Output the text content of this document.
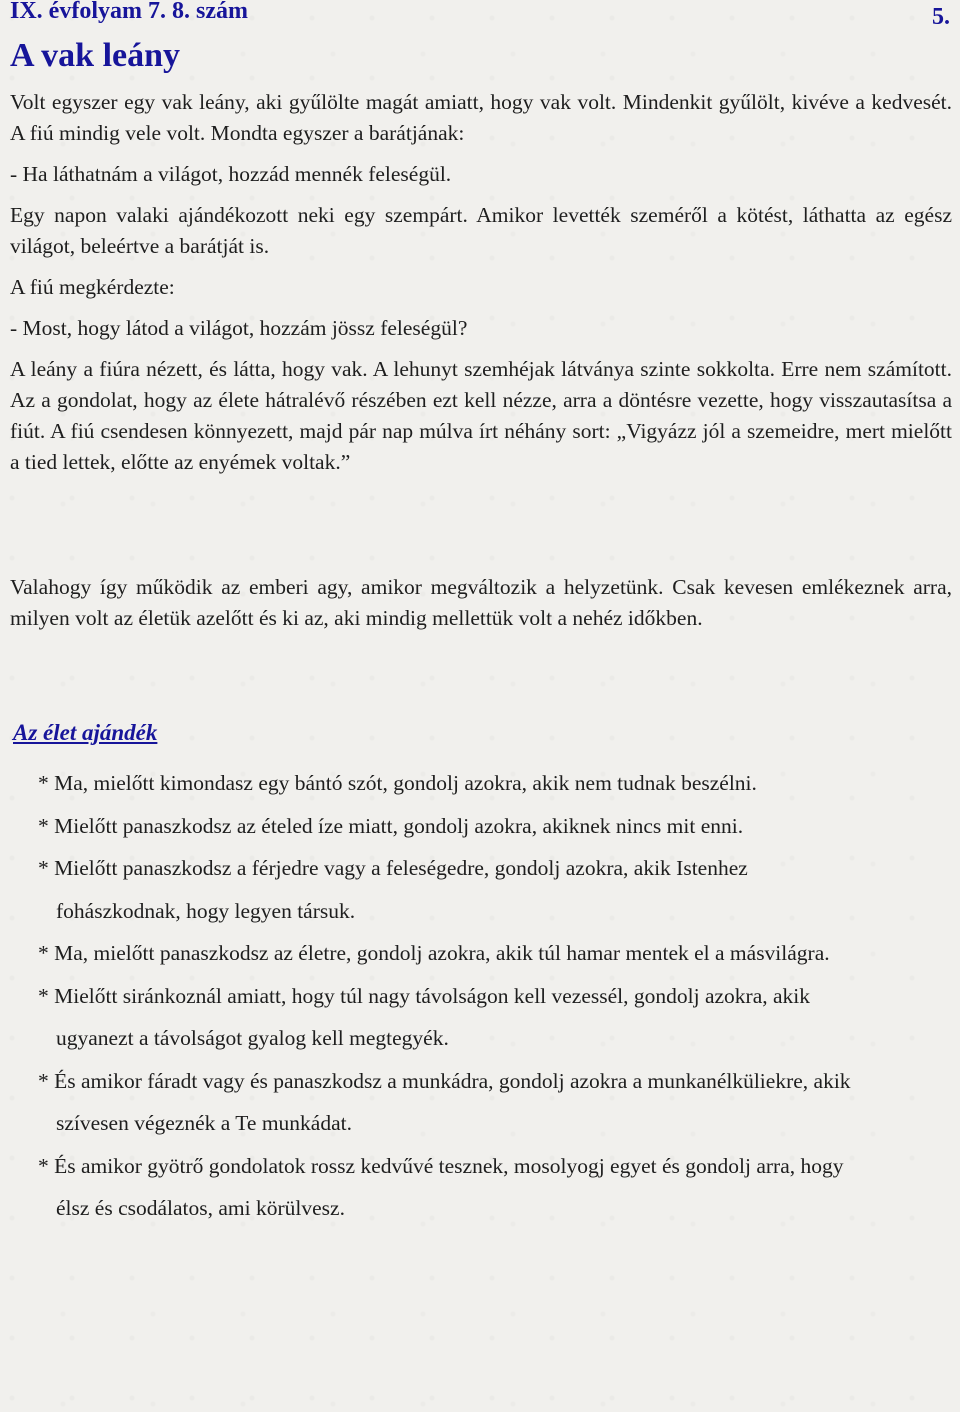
IX. évfolyam 7. 8. szám	5.
A vak leány

Volt egyszer egy vak leány, aki gyűlölte magát amiatt, hogy vak volt. Mindenkit gyűlölt, kivéve a kedvesét. A fiú mindig vele volt. Mondta egyszer a barátjának:

- Ha láthatnám a világot, hozzád mennék feleségül.

Egy napon valaki ajándékozott neki egy szempárt. Amikor levették szeméről a kötést, láthatta az egész világot, beleértve a barátját is.

A fiú megkérdezte:

- Most, hogy látod a világot, hozzám jössz feleségül?

A leány a fiúra nézett, és látta, hogy vak. A lehunyt szemhéjak látványa szinte sokkolta. Erre nem számított. Az a gondolat, hogy az élete hátralévő részében ezt kell nézze, arra a döntésre vezette, hogy visszautasítsa a fiút. A fiú csendesen könnyezett, majd pár nap múlva írt néhány sort: „Vigyázz jól a szemeidre, mert mielőtt a tied lettek, előtte az enyémek voltak.”

Valahogy így működik az emberi agy, amikor megváltozik a helyzetünk. Csak kevesen emlékeznek arra, milyen volt az életük azelőtt és ki az, aki mindig mellettük volt a nehéz időkben.

Az élet ajándék
* Ma, mielőtt kimondasz egy bántó szót, gondolj azokra, akik nem tudnak beszélni.
* Mielőtt panaszkodsz az ételed íze miatt, gondolj azokra, akiknek nincs mit enni.
* Mielőtt panaszkodsz a férjedre vagy a feleségedre, gondolj azokra, akik Istenhez fohászkodnak, hogy legyen társuk.
* Ma, mielőtt panaszkodsz az életre, gondolj azokra, akik túl hamar mentek el a másvilágra.
* Mielőtt siránkoznál amiatt, hogy túl nagy távolságon kell vezessél, gondolj azokra, akik ugyanezt a távolságot gyalog kell megtegyék.
* És amikor fáradt vagy és panaszkodsz a munkádra, gondolj azokra a munkanélküliekre, akik szívesen végeznék a Te munkádat.
* És amikor gyötrő gondolatok rossz kedvűvé tesznek, mosolyogj egyet és gondolj arra, hogy élsz és csodálatos, ami körülvesz.
